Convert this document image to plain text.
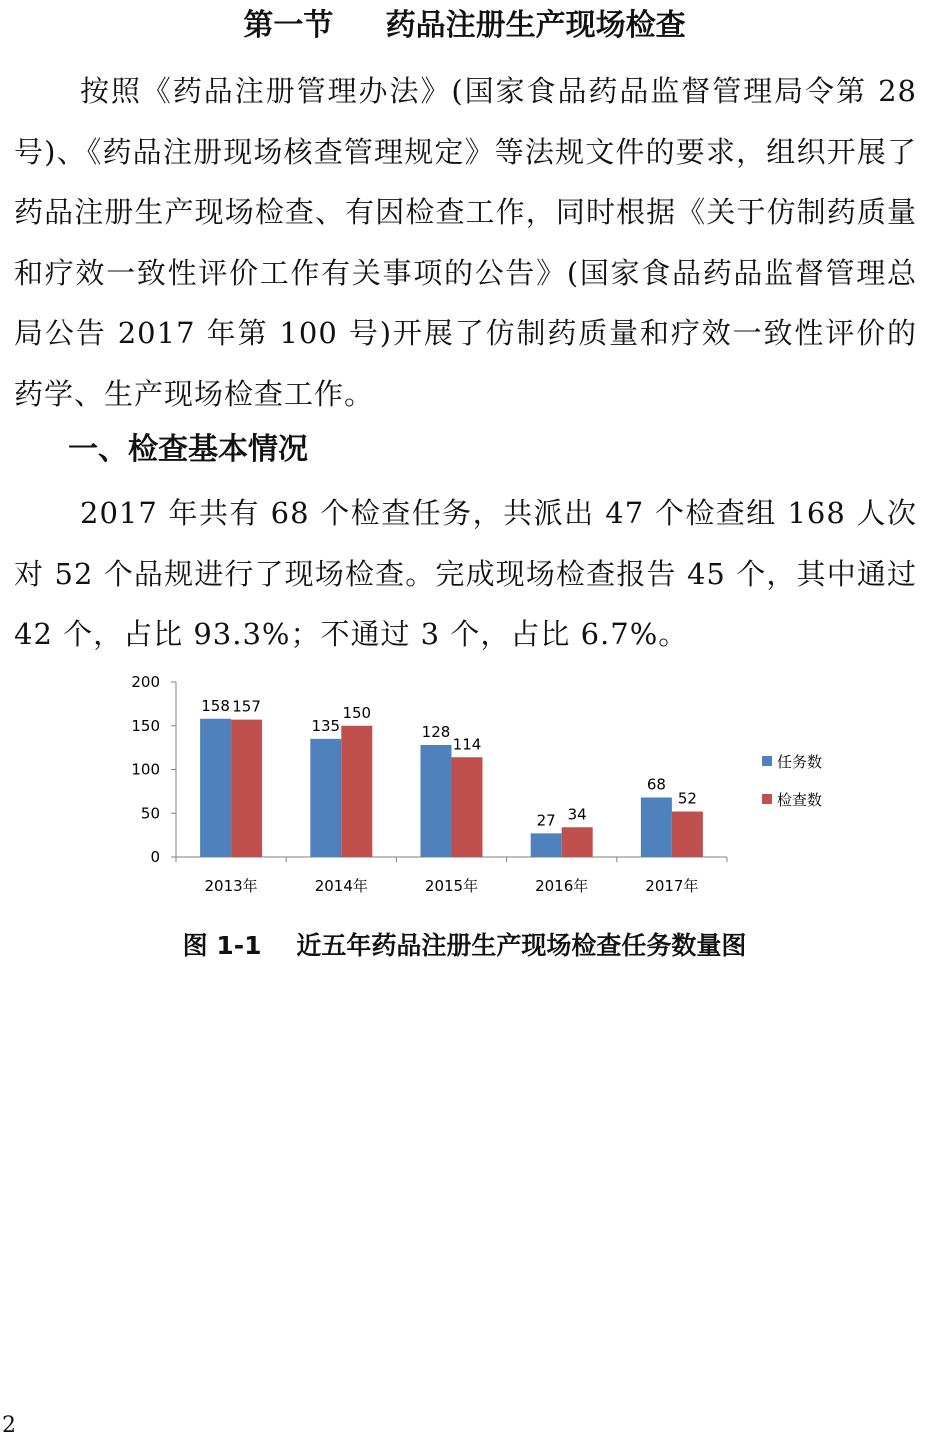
第一节     药品注册生产现场检查

按照《药品注册管理办法》(国家食品药品监督管理局令第 28 号)、《药品注册现场核查管理规定》等法规文件的要求，组织开展了药品注册生产现场检查、有因检查工作，同时根据《关于仿制药质量和疗效一致性评价工作有关事项的公告》(国家食品药品监督管理总局公告 2017 年第 100 号)开展了仿制药质量和疗效一致性评价的药学、生产现场检查工作。

一、检查基本情况

2017 年共有 68 个检查任务，共派出 47 个检查组 168 人次对 52 个品规进行了现场检查。完成现场检查报告 45 个，其中通过 42 个，占比 93.3%；不通过 3 个，占比 6.7%。

0
50
100
150
200
2013年
158 157
2014年
135
150
2015年
128
114
2016年
27 34
2017年
68
52
任务数
检查数
图 1-1    近五年药品注册生产现场检查任务数量图
2
